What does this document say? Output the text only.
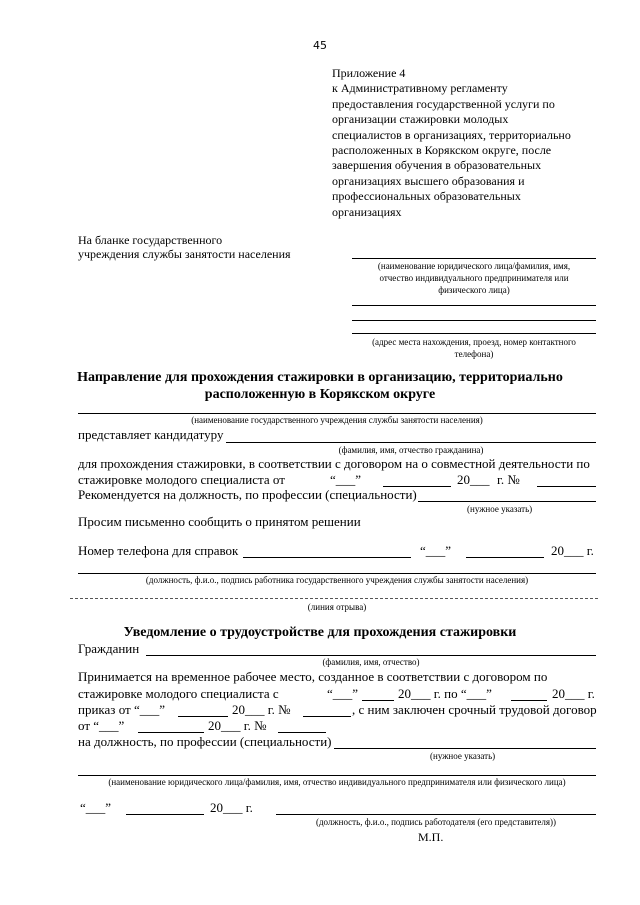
45
Приложение 4
к Административному регламенту
предоставления государственной услуги по
организации стажировки молодых
специалистов в организациях, территориально
расположенных в Корякском округе, после
завершения обучения в образовательных
организациях высшего образования и
профессиональных образовательных
организациях
На бланке государственного
учреждения службы занятости населения
(наименование юридического лица/фамилия, имя,
отчество индивидуального предпринимателя или
физического лица)
(адрес места нахождения, проезд, номер контактного
телефона)
Направление для прохождения стажировки в организацию, территориально
расположенную в Корякском округе
(наименование государственного учреждения службы занятости населения)
представляет кандидатуру
(фамилия, имя, отчество гражданина)
для прохождения стажировки, в соответствии с договором на о совместной деятельности по
стажировке молодого специалиста от	“___”	20___ г. №
Рекомендуется на должность, по профессии (специальности)
(нужное указать)
Просим письменно сообщить о принятом решении
Номер телефона для справок	“___”	20___ г.
(должность, ф.и.о., подпись работника государственного учреждения службы занятости населения)
(линия отрыва)
Уведомление о трудоустройстве для прохождения стажировки
Гражданин
(фамилия, имя, отчество)
Принимается на временное рабочее место, созданное в соответствии с договором по
стажировке молодого специалиста с	“___”	20___ г. по “___”	20___ г.
приказ от “___”	20___ г. №	, с ним заключен срочный трудовой договор
от “___”	20___ г. №
на должность, по профессии (специальности)
(нужное указать)
(наименование юридического лица/фамилия, имя, отчество индивидуального предпринимателя или физического лица)
“___”	20___ г.
(должность, ф.и.о., подпись работодателя (его представителя))
М.П.
